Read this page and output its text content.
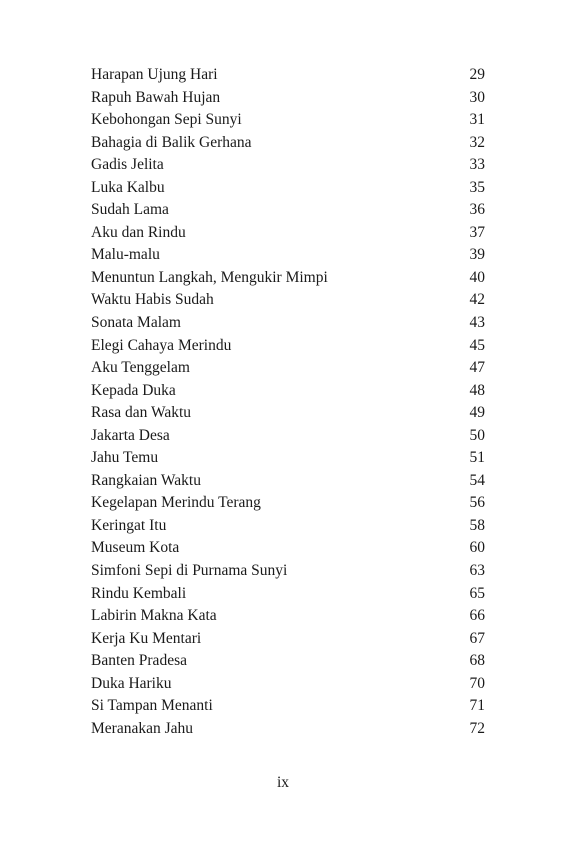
Harapan Ujung Hari	29
Rapuh Bawah Hujan	30
Kebohongan Sepi Sunyi	31
Bahagia di Balik Gerhana	32
Gadis Jelita	33
Luka Kalbu	35
Sudah Lama	36
Aku dan Rindu	37
Malu-malu	39
Menuntun Langkah, Mengukir Mimpi	40
Waktu Habis Sudah	42
Sonata Malam	43
Elegi Cahaya Merindu	45
Aku Tenggelam	47
Kepada Duka	48
Rasa dan Waktu	49
Jakarta Desa	50
Jahu Temu	51
Rangkaian Waktu	54
Kegelapan Merindu Terang	56
Keringat Itu	58
Museum Kota	60
Simfoni Sepi di Purnama Sunyi	63
Rindu Kembali	65
Labirin Makna Kata	66
Kerja Ku Mentari	67
Banten Pradesa	68
Duka Hariku	70
Si Tampan Menanti	71
Meranakan Jahu	72
ix
